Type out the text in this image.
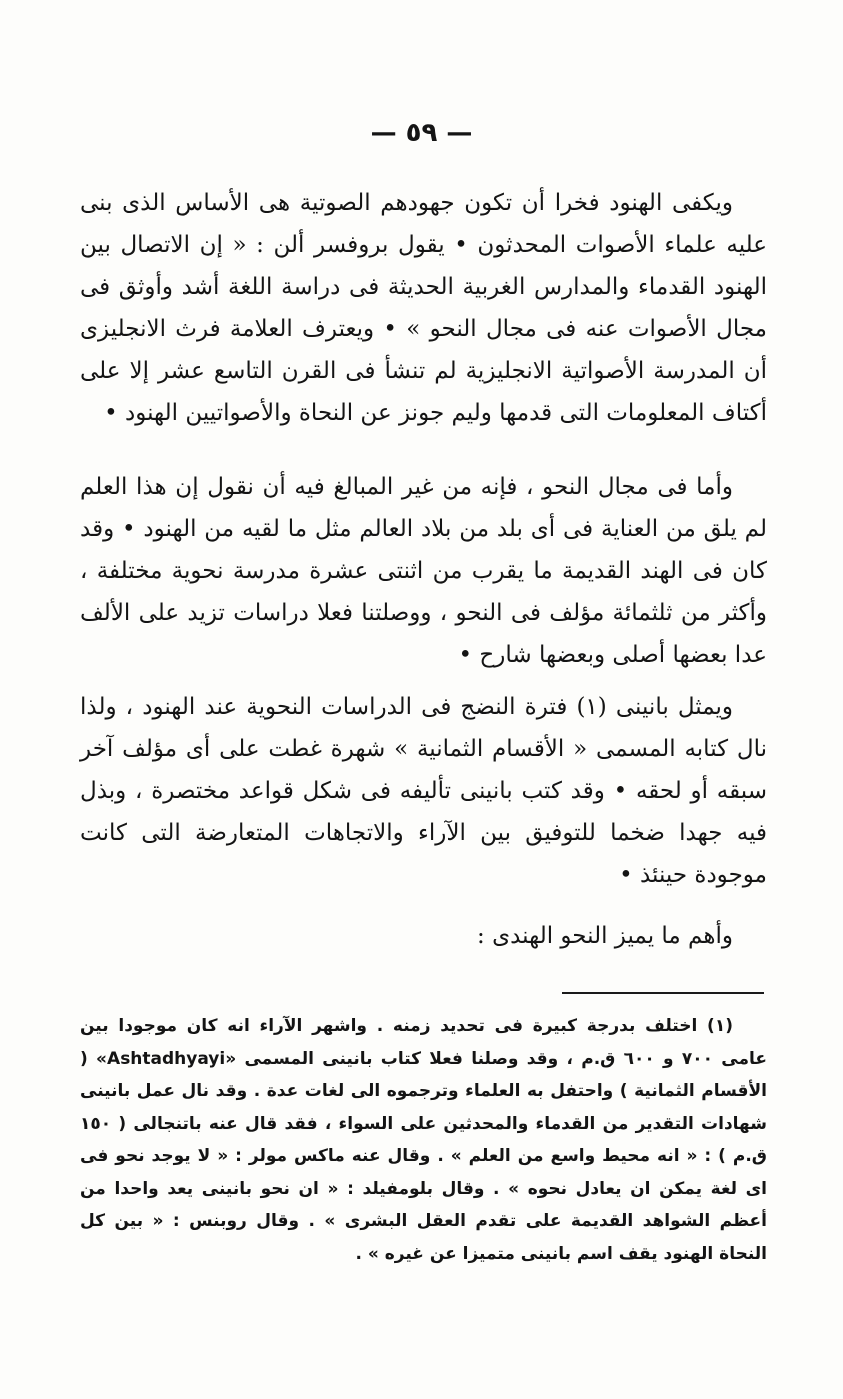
— ٥٩ —

ويكفى الهنود فخرا أن تكون جهودهم الصوتية هى الأساس الذى بنى عليه علماء الأصوات المحدثون • يقول بروفسر ألن : « إن الاتصال بين الهنود القدماء والمدارس الغربية الحديثة فى دراسة اللغة أشد وأوثق فى مجال الأصوات عنه فى مجال النحو » • ويعترف العلامة فرث الانجليزى أن المدرسة الأصواتية الانجليزية لم تنشأ فى القرن التاسع عشر إلا على أكتاف المعلومات التى قدمها وليم جونز عن النحاة والأصواتيين الهنود •

وأما فى مجال النحو ، فإنه من غير المبالغ فيه أن نقول إن هذا العلم لم يلق من العناية فى أى بلد من بلاد العالم مثل ما لقيه من الهنود • وقد كان فى الهند القديمة ما يقرب من اثنتى عشرة مدرسة نحوية مختلفة ، وأكثر من ثلثمائة مؤلف فى النحو ، ووصلتنا فعلا دراسات تزيد على الألف عدا بعضها أصلى وبعضها شارح •

ويمثل بانينى (١) فترة النضج فى الدراسات النحوية عند الهنود ، ولذا نال كتابه المسمى « الأقسام الثمانية » شهرة غطت على أى مؤلف آخر سبقه أو لحقه • وقد كتب بانينى تأليفه فى شكل قواعد مختصرة ، وبذل فيه جهدا ضخما للتوفيق بين الآراء والاتجاهات المتعارضة التى كانت موجودة حينئذ •

وأهم ما يميز النحو الهندى :

(١) اختلف بدرجة كبيرة فى تحديد زمنه . واشهر الآراء انه كان موجودا بين عامى ٧٠٠ و ٦٠٠ ق.م ، وقد وصلنا فعلا كتاب بانينى المسمى «Ashtadhyayi» ( الأقسام الثمانية ) واحتفل به العلماء وترجموه الى لغات عدة . وقد نال عمل بانينى شهادات التقدير من القدماء والمحدثين على السواء ، فقد قال عنه باتنجالى ( ١٥٠ ق.م ) : « انه محيط واسع من العلم » . وقال عنه ماكس مولر : « لا يوجد نحو فى اى لغة يمكن ان يعادل نحوه » . وقال بلومفيلد : « ان نحو بانينى يعد واحدا من أعظم الشواهد القديمة على تقدم العقل البشرى » . وقال روبنس : « بين كل النحاة الهنود يقف اسم بانينى متميزا عن غيره » .
